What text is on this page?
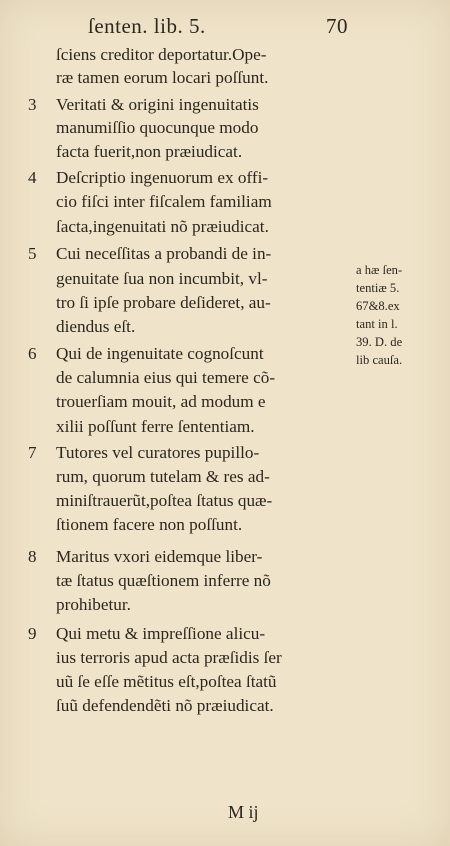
ſenten. lib. 5.	70
ſciens creditor deportatur.Ope-
ræ tamen eorum locari poſſunt.
Veritati & origini ingenuitatis
manumiſſio quocunque modo
facta fuerit,non præiudicat.
Deſcriptio ingenuorum ex offi-
cio fiſci inter fiſcalem familiam
ſacta,ingenuitati nõ præiudicat.
Cui neceſſitas a probandi de in-
genuitate ſua non incumbit, vl-
tro ſi ipſe probare deſideret, au-
diendus eſt.
Qui de ingenuitate cognoſcunt
de calumnia eius qui temere cõ-
trouerſiam mouit, ad modum e
xilii poſſunt ferre ſententiam.
Tutores vel curatores pupillo-
rum, quorum tutelam & res ad-
miniſtrauerũt,poſtea ſtatus quæ-
ſtionem facere non poſſunt.
Maritus vxori eidemque liber-
tæ ſtatus quæſtionem inferre nõ
prohibetur.
Qui metu & impreſſione alicu-
ius terroris apud acta præſidis ſer
uũ ſe eſſe mẽtitus eſt,poſtea ſtatũ
ſuũ defendendẽti nõ præiudicat.
3
4
5
6
7
8
9
a hæ ſen-
tentiæ 5.
67&8.ex
tant in l.
39. D. de
lib cauſa.
M ij
